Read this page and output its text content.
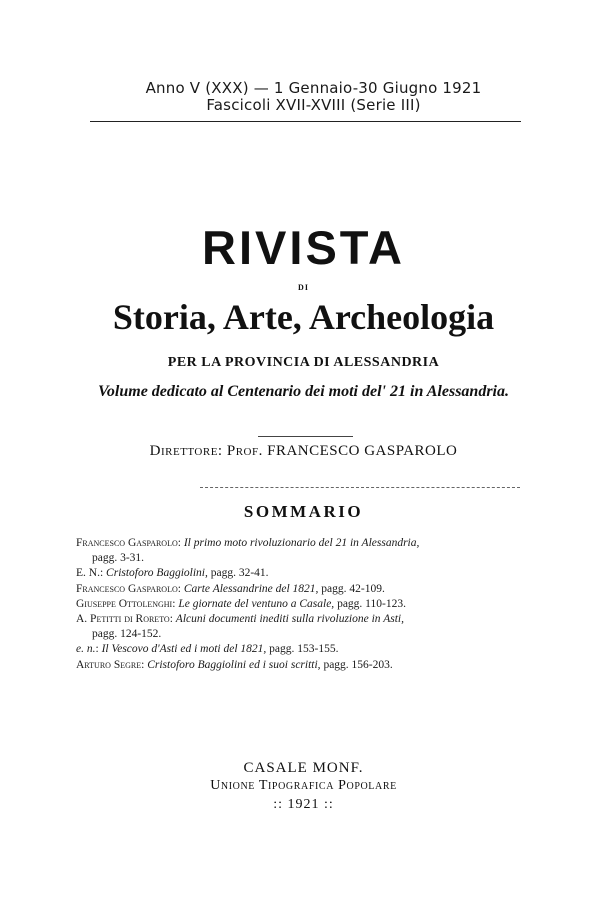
Anno V (XXX) — 1 Gennaio-30 Giugno 1921
Fascicoli XVII-XVIII (Serie III)
RIVISTA
DI
Storia, Arte, Archeologia
PER LA PROVINCIA DI ALESSANDRIA
Volume dedicato al Centenario dei moti del' 21 in Alessandria.
Direttore: Prof. FRANCESCO GASPAROLO
SOMMARIO
Francesco Gasparolo: Il primo moto rivoluzionario del 21 in Alessandria,
pagg. 3-31.
E. N.: Cristoforo Baggiolini, pagg. 32-41.
Francesco Gasparolo: Carte Alessandrine del 1821, pagg. 42-109.
Giuseppe Ottolenghi: Le giornate del ventuno a Casale, pagg. 110-123.
A. Petitti di Roreto: Alcuni documenti inediti sulla rivoluzione in Asti,
pagg. 124-152.
e. n.: Il Vescovo d'Asti ed i moti del 1821, pagg. 153-155.
Arturo Segre: Cristoforo Baggiolini ed i suoi scritti, pagg. 156-203.
CASALE MONF.
Unione Tipografica Popolare
:: 1921 ::
